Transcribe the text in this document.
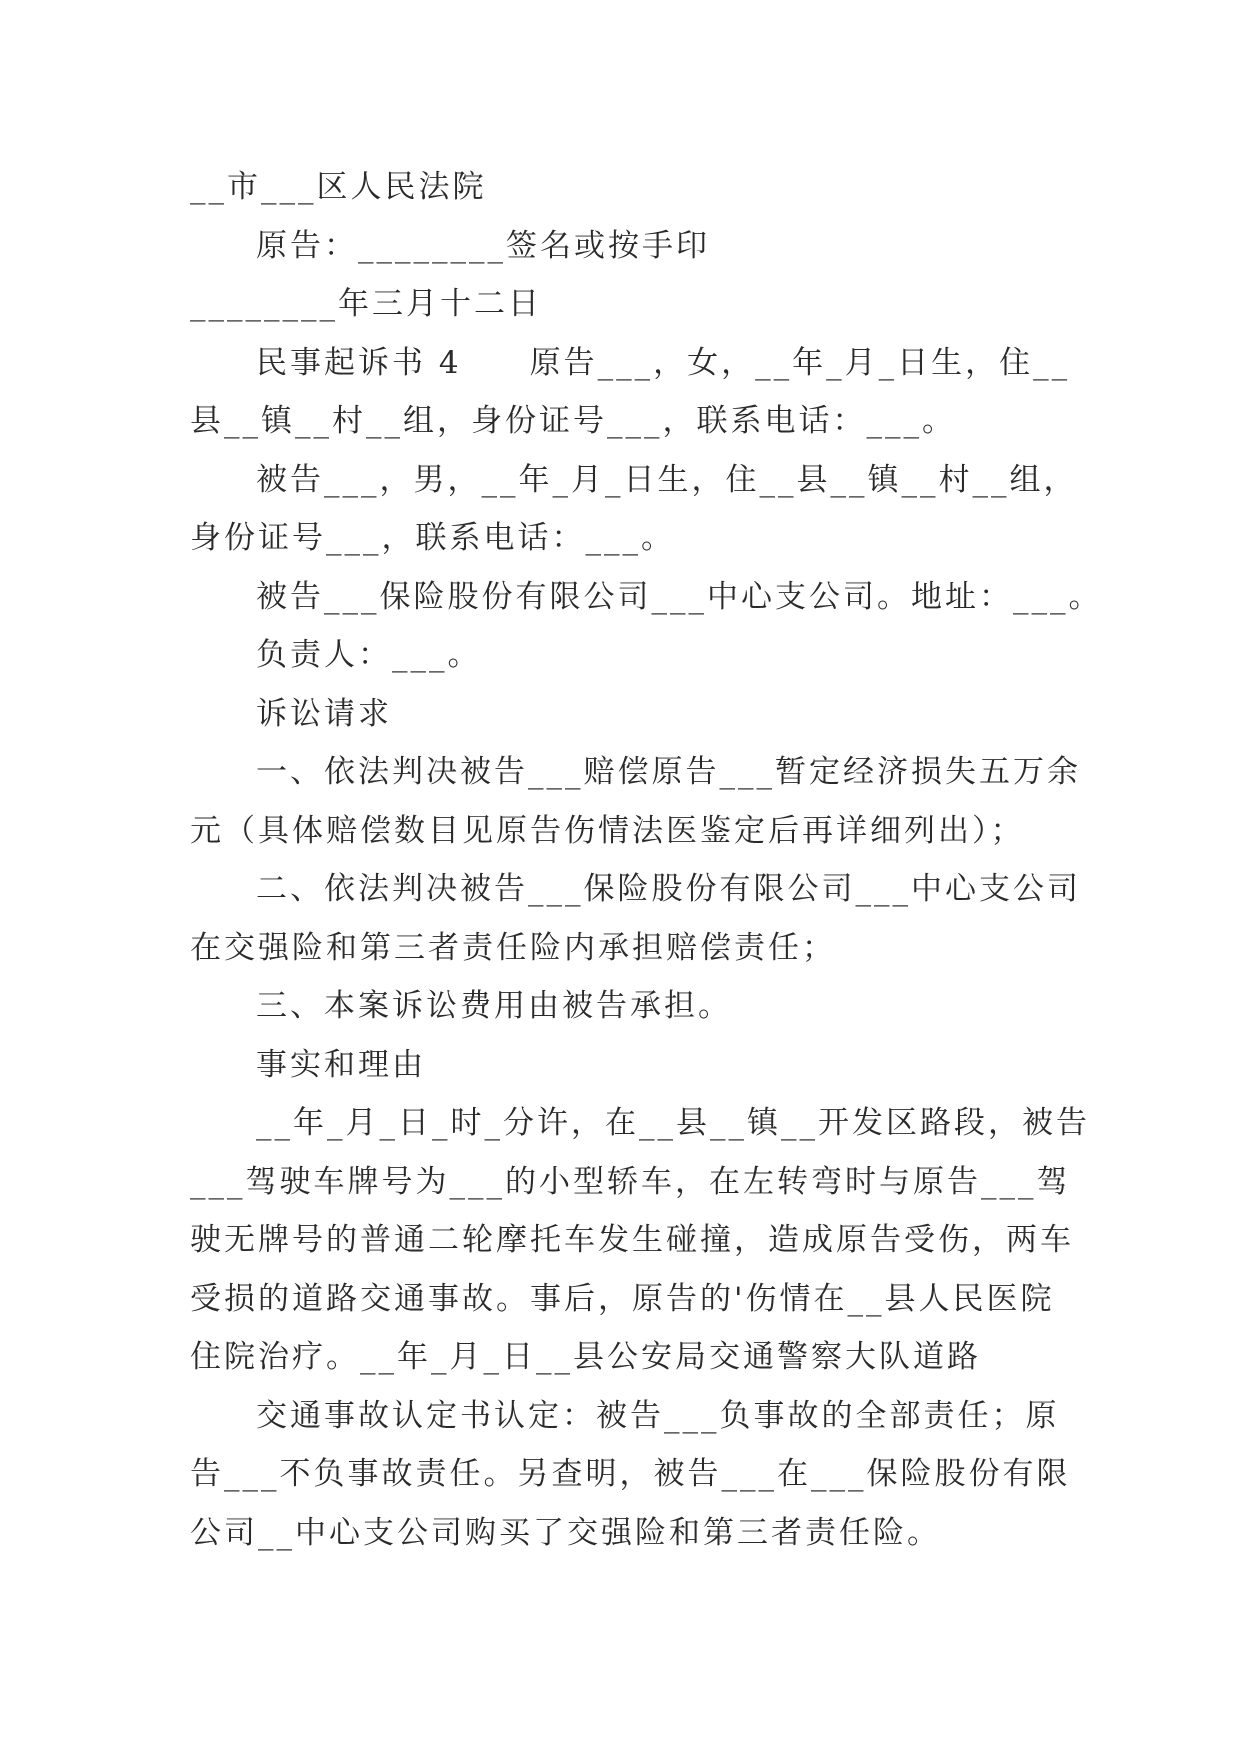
__市___区人民法院
原告：________签名或按手印
________年三月十二日
民事起诉书 4　　原告___，女，__年_月_日生，住__
县__镇__村__组，身份证号___，联系电话：___。
被告___，男，__年_月_日生，住__县__镇__村__组，
身份证号___，联系电话：___。
被告___保险股份有限公司___中心支公司。地址：___。
负责人：___。
诉讼请求
一、依法判决被告___赔偿原告___暂定经济损失五万余
元（具体赔偿数目见原告伤情法医鉴定后再详细列出）；
二、依法判决被告___保险股份有限公司___中心支公司
在交强险和第三者责任险内承担赔偿责任；
三、本案诉讼费用由被告承担。
事实和理由
__年_月_日_时_分许，在__县__镇__开发区路段，被告
___驾驶车牌号为___的小型轿车，在左转弯时与原告___驾
驶无牌号的普通二轮摩托车发生碰撞，造成原告受伤，两车
受损的道路交通事故。事后，原告的'伤情在__县人民医院
住院治疗。__年_月_日__县公安局交通警察大队道路
交通事故认定书认定：被告___负事故的全部责任；原
告___不负事故责任。另查明，被告___在___保险股份有限
公司__中心支公司购买了交强险和第三者责任险。
